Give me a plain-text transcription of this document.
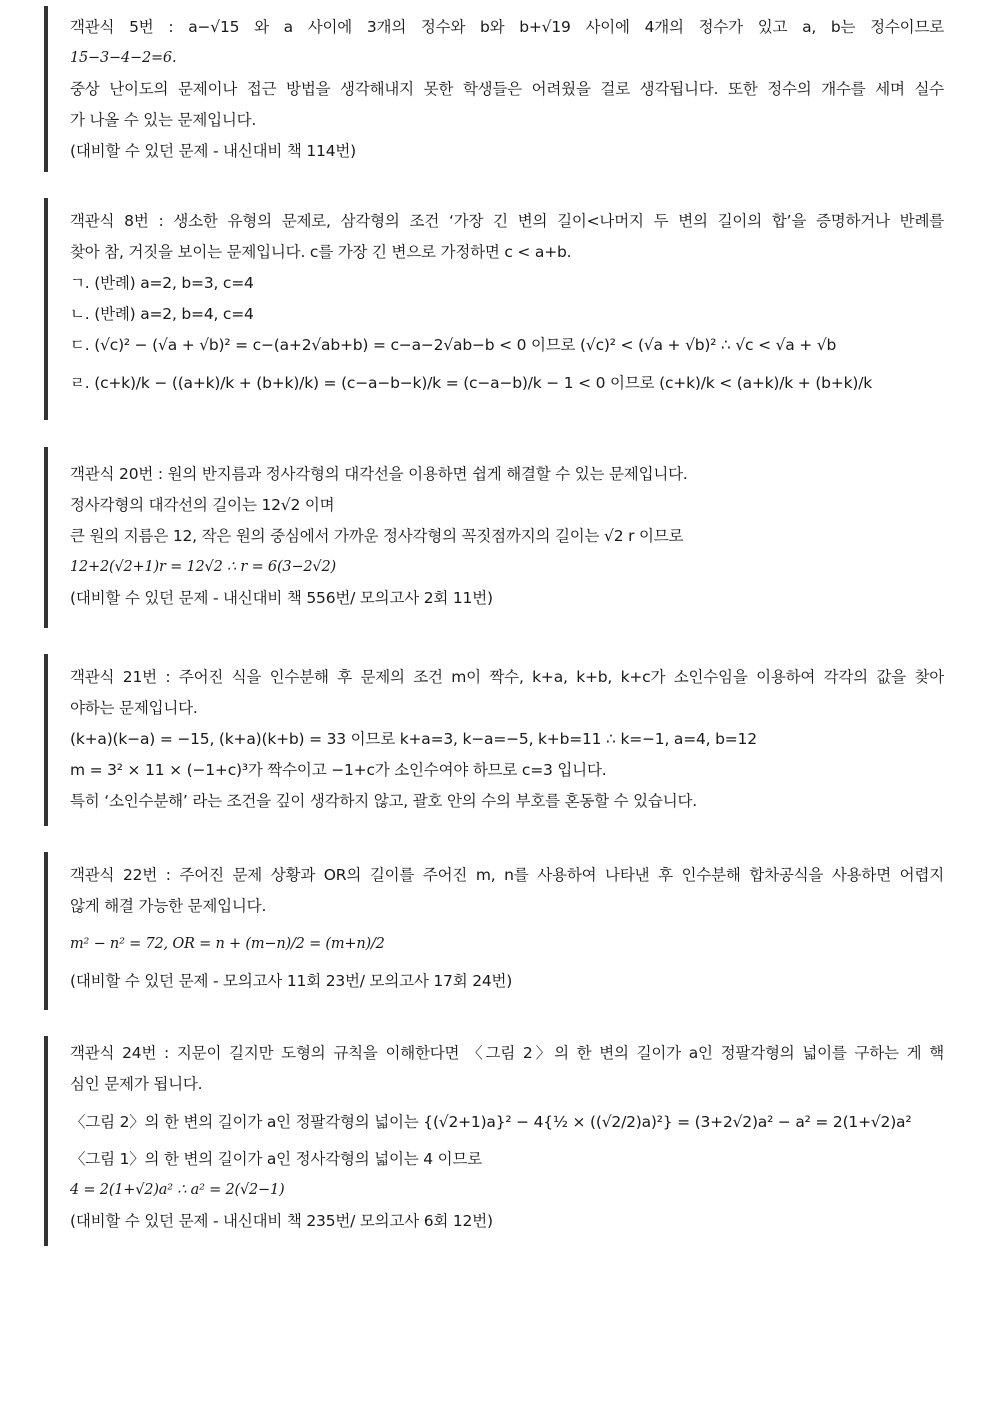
객관식 5번 : a−√15 와 a 사이에 3개의 정수와 b와 b+√19 사이에 4개의 정수가 있고 a, b는 정수이므로
15−3−4−2=6.
중상 난이도의 문제이나 접근 방법을 생각해내지 못한 학생들은 어려웠을 걸로 생각됩니다. 또한 정수의 개수를 세며 실수
가 나올 수 있는 문제입니다.
(대비할 수 있던 문제 - 내신대비 책 114번)
객관식 8번 : 생소한 유형의 문제로, 삼각형의 조건 ‘가장 긴 변의 길이<나머지 두 변의 길이의 합’을 증명하거나 반례를
찾아 참, 거짓을 보이는 문제입니다. c를 가장 긴 변으로 가정하면 c < a+b.
ㄱ. (반례) a=2, b=3, c=4
ㄴ. (반례) a=2, b=4, c=4
ㄷ. (√c)² − (√a + √b)² = c−(a+2√ab+b) = c−a−2√ab−b < 0 이므로 (√c)² < (√a + √b)² ∴ √c < √a + √b
ㄹ. (c+k)/k − ((a+k)/k + (b+k)/k) = (c−a−b−k)/k = (c−a−b)/k − 1 < 0 이므로 (c+k)/k < (a+k)/k + (b+k)/k
객관식 20번 : 원의 반지름과 정사각형의 대각선을 이용하면 쉽게 해결할 수 있는 문제입니다.
정사각형의 대각선의 길이는 12√2 이며
큰 원의 지름은 12, 작은 원의 중심에서 가까운 정사각형의 꼭짓점까지의 길이는 √2 r 이므로
12+2(√2+1)r = 12√2 ∴ r = 6(3−2√2)
(대비할 수 있던 문제 - 내신대비 책 556번/ 모의고사 2회 11번)
객관식 21번 : 주어진 식을 인수분해 후 문제의 조건 m이 짝수, k+a, k+b, k+c가 소인수임을 이용하여 각각의 값을 찾아
야하는 문제입니다.
(k+a)(k−a) = −15, (k+a)(k+b) = 33 이므로 k+a=3, k−a=−5, k+b=11 ∴ k=−1, a=4, b=12
m = 3² × 11 × (−1+c)³가 짝수이고 −1+c가 소인수여야 하므로 c=3 입니다.
특히 ‘소인수분해’ 라는 조건을 깊이 생각하지 않고, 괄호 안의 수의 부호를 혼동할 수 있습니다.
객관식 22번 : 주어진 문제 상황과 OR의 길이를 주어진 m, n를 사용하여 나타낸 후 인수분해 합차공식을 사용하면 어렵지
않게 해결 가능한 문제입니다.
m² − n² = 72, OR = n + (m−n)/2 = (m+n)/2
(대비할 수 있던 문제 - 모의고사 11회 23번/ 모의고사 17회 24번)
객관식 24번 : 지문이 길지만 도형의 규칙을 이해한다면 〈그림 2〉의 한 변의 길이가 a인 정팔각형의 넓이를 구하는 게 핵
심인 문제가 됩니다.
〈그림 2〉의 한 변의 길이가 a인 정팔각형의 넓이는 {(√2+1)a}² − 4{½ × ((√2/2)a)²} = (3+2√2)a² − a² = 2(1+√2)a²
〈그림 1〉의 한 변의 길이가 a인 정사각형의 넓이는 4 이므로
4 = 2(1+√2)a² ∴ a² = 2(√2−1)
(대비할 수 있던 문제 - 내신대비 책 235번/ 모의고사 6회 12번)
